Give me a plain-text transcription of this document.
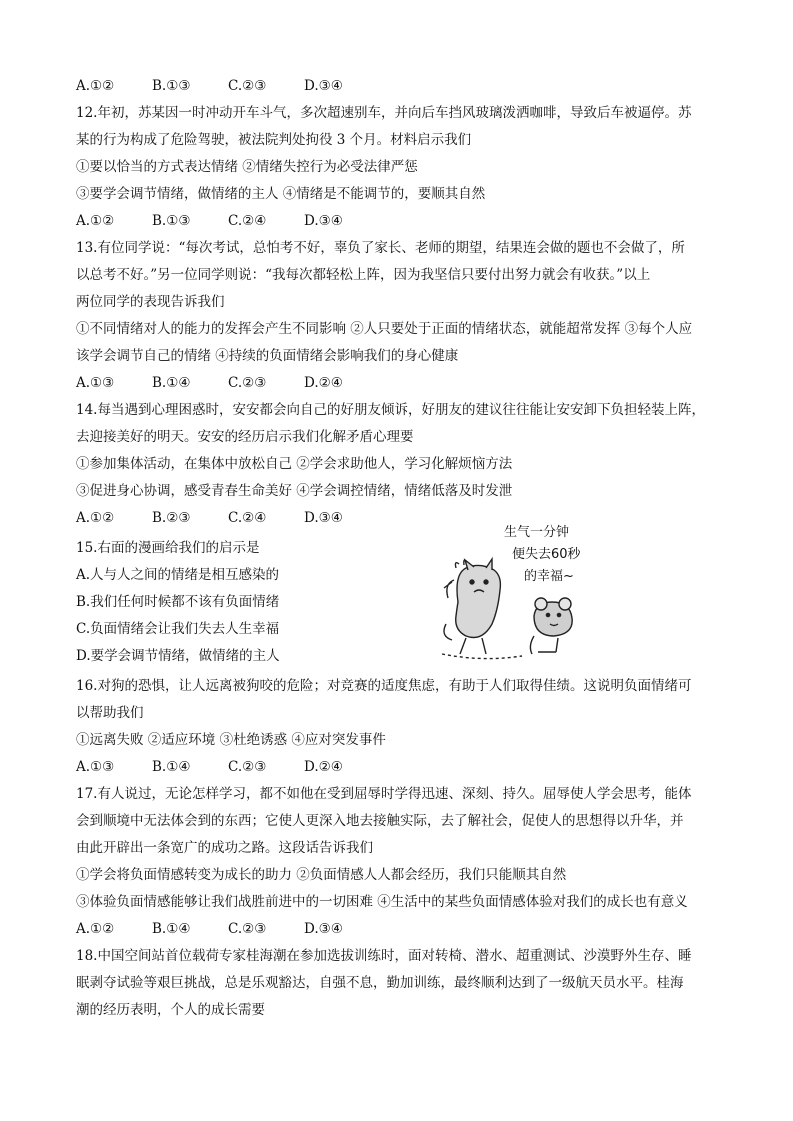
A.①②	B.①③	C.②③	D.③④
12.年初，苏某因一时冲动开车斗气，多次超速别车，并向后车挡风玻璃泼洒咖啡，导致后车被逼停。苏
某的行为构成了危险驾驶，被法院判处拘役 3 个月。材料启示我们
①要以恰当的方式表达情绪 ②情绪失控行为必受法律严惩
③要学会调节情绪，做情绪的主人 ④情绪是不能调节的，要顺其自然
A.①②	B.①③	C.②④	D.③④
13.有位同学说：“每次考试，总怕考不好，辜负了家长、老师的期望，结果连会做的题也不会做了，所
以总考不好。”另一位同学则说：“我每次都轻松上阵，因为我坚信只要付出努力就会有收获。”以上
两位同学的表现告诉我们
①不同情绪对人的能力的发挥会产生不同影响 ②人只要处于正面的情绪状态，就能超常发挥 ③每个人应
该学会调节自己的情绪 ④持续的负面情绪会影响我们的身心健康
A.①③	B.①④	C.②③	D.②④
14.每当遇到心理困惑时，安安都会向自己的好朋友倾诉，好朋友的建议往往能让安安卸下负担轻装上阵，
去迎接美好的明天。安安的经历启示我们化解矛盾心理要
①参加集体活动，在集体中放松自己 ②学会求助他人，学习化解烦恼方法
③促进身心协调，感受青春生命美好 ④学会调控情绪，情绪低落及时发泄
A.①②	B.②③	C.②④	D.③④
15.右面的漫画给我们的启示是
A.人与人之间的情绪是相互感染的
B.我们任何时候都不该有负面情绪
C.负面情绪会让我们失去人生幸福
D.要学会调节情绪，做情绪的主人
生气一分钟
便失去60秒
的幸福~
16.对狗的恐惧，让人远离被狗咬的危险；对竞赛的适度焦虑，有助于人们取得佳绩。这说明负面情绪可
以帮助我们
①远离失败 ②适应环境 ③杜绝诱惑 ④应对突发事件
A.①③	B.①④	C.②③	D.②④
17.有人说过，无论怎样学习，都不如他在受到屈辱时学得迅速、深刻、持久。屈辱使人学会思考，能体
会到顺境中无法体会到的东西；它使人更深入地去接触实际，去了解社会，促使人的思想得以升华，并
由此开辟出一条宽广的成功之路。这段话告诉我们
①学会将负面情感转变为成长的助力 ②负面情感人人都会经历，我们只能顺其自然
③体验负面情感能够让我们战胜前进中的一切困难 ④生活中的某些负面情感体验对我们的成长也有意义
A.①②	B.①④	C.②③	D.③④
18.中国空间站首位载荷专家桂海潮在参加选拔训练时，面对转椅、潜水、超重测试、沙漠野外生存、睡
眠剥夺试验等艰巨挑战，总是乐观豁达，自强不息，勤加训练，最终顺利达到了一级航天员水平。桂海
潮的经历表明，个人的成长需要
